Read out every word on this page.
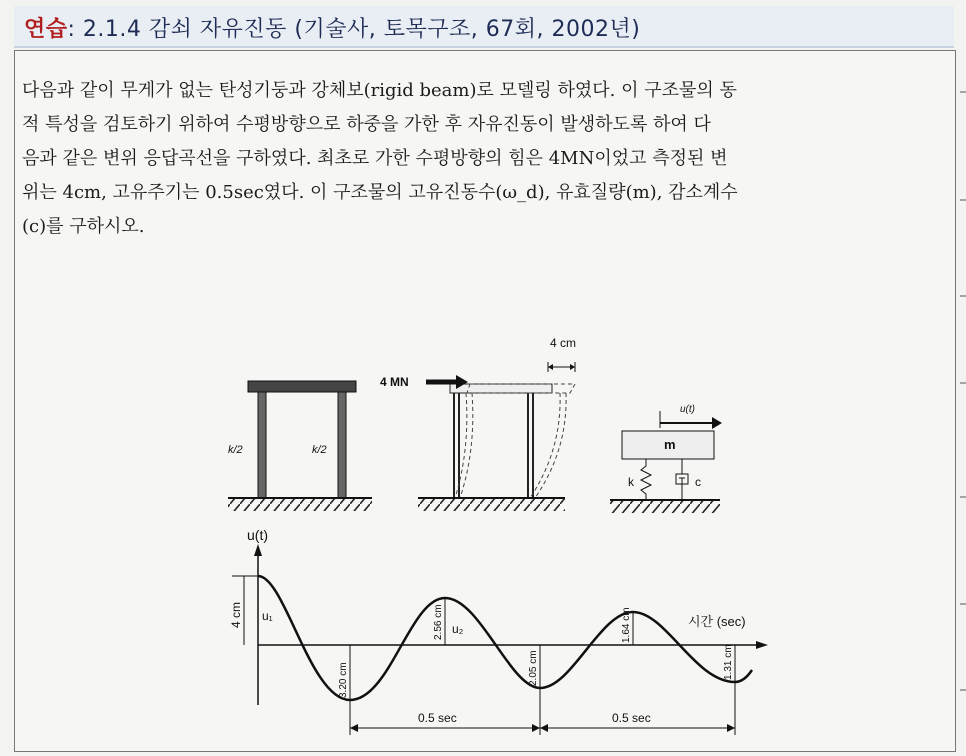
연습: 2.1.4 감쇠 자유진동 (기술사, 토목구조, 67회, 2002년)

다음과 같이 무게가 없는 탄성기둥과 강체보(rigid beam)로 모델링 하였다. 이 구조물의 동

적 특성을 검토하기 위하여 수평방향으로 하중을 가한 후 자유진동이 발생하도록 하여 다

음과 같은 변위 응답곡선을 구하였다. 최초로 가한 수평방향의 힘은 4MN이었고 측정된 변

위는 4cm, 고유주기는 0.5sec였다. 이 구조물의 고유진동수(ω_d), 유효질량(m), 감소계수

(c)를 구하시오.

k/2	k/2
4 MN
4 cm
m
u(t)
k	c
u(t)
시간 (sec)
4 cm u₁
u₂
3.20 cm
2.56 cm
2.05 cm
1.64 cm
1.31 cm
0.5 sec	0.5 sec
